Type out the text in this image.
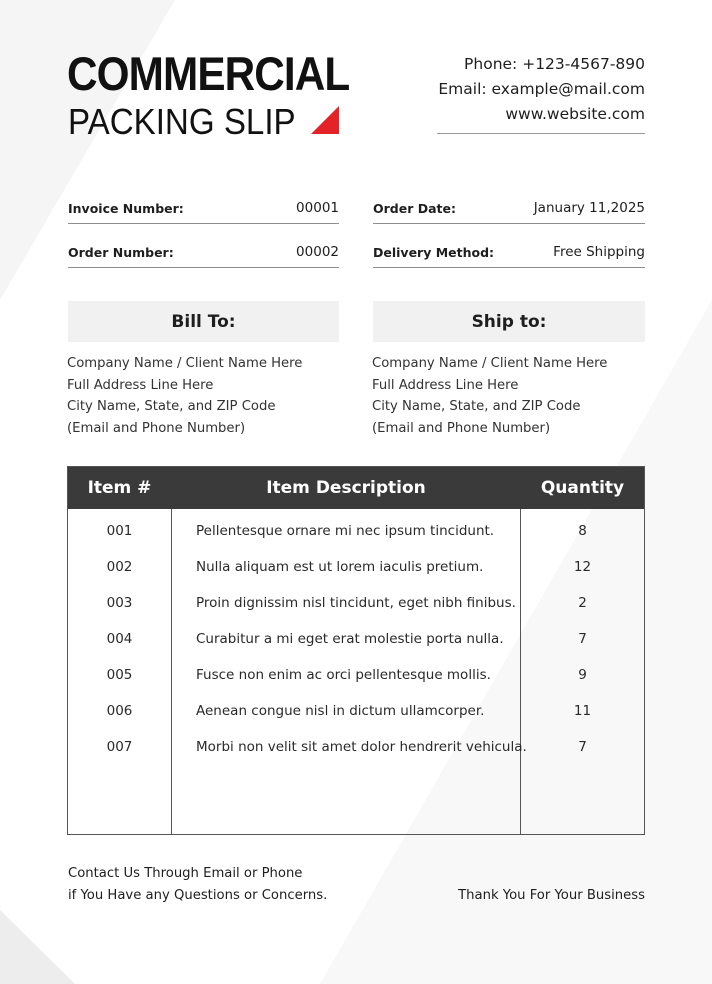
COMMERCIAL
PACKING SLIP
Phone: +123-4567-890
Email: example@mail.com
www.website.com
Invoice Number:	00001	Order Date:	January 11,2025
Order Number:	00002	Delivery Method:	Free Shipping
Bill To:
Company Name / Client Name Here
Full Address Line Here
City Name, State, and ZIP Code
(Email and Phone Number)
Ship to:
Company Name / Client Name Here
Full Address Line Here
City Name, State, and ZIP Code
(Email and Phone Number)
Item #	Item Description	Quantity
001	Pellentesque ornare mi nec ipsum tincidunt.	8
002	Nulla aliquam est ut lorem iaculis pretium.	12
003	Proin dignissim nisl tincidunt, eget nibh finibus.	2
004	Curabitur a mi eget erat molestie porta nulla.	7
005	Fusce non enim ac orci pellentesque mollis.	9
006	Aenean congue nisl in dictum ullamcorper.	11
007	Morbi non velit sit amet dolor hendrerit vehicula.	7
Contact Us Through Email or Phone
if You Have any Questions or Concerns.	Thank You For Your Business
